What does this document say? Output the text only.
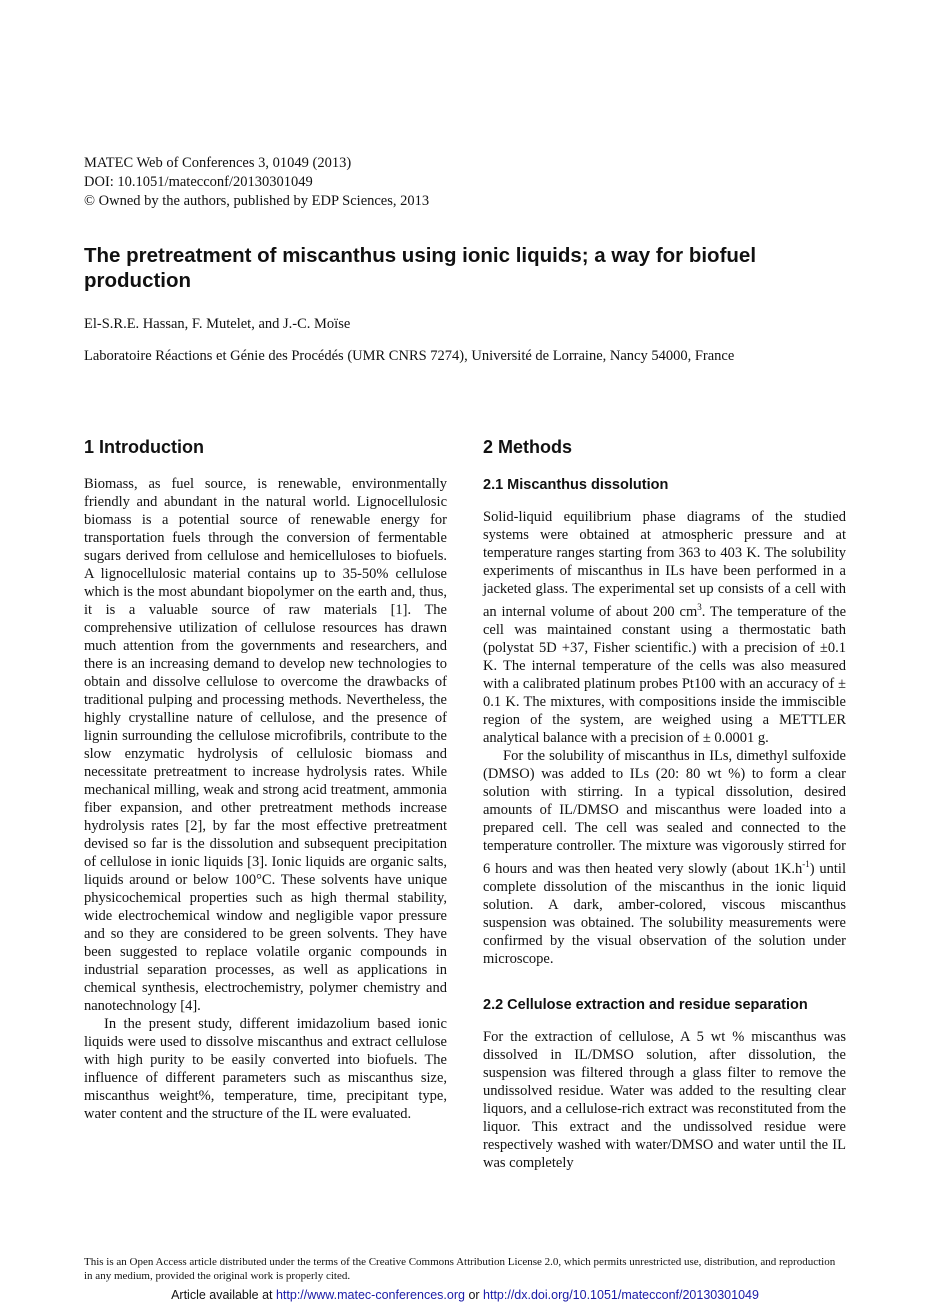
MATEC Web of Conferences 3, 01049 (2013)
DOI: 10.1051/matecconf/20130301049
© Owned by the authors, published by EDP Sciences, 2013
The pretreatment of miscanthus using ionic liquids; a way for biofuel production
El-S.R.E. Hassan, F. Mutelet, and J.-C. Moïse
Laboratoire Réactions et Génie des Procédés (UMR CNRS 7274), Université de Lorraine, Nancy 54000, France
1 Introduction

Biomass, as fuel source, is renewable, environmentally friendly and abundant in the natural world. Lignocellulosic biomass is a potential source of renewable energy for transportation fuels through the conversion of fermentable sugars derived from cellulose and hemicelluloses to biofuels. A lignocellulosic material contains up to 35-50% cellulose which is the most abundant biopolymer on the earth and, thus, it is a valuable source of raw materials [1]. The comprehensive utilization of cellulose resources has drawn much attention from the governments and researchers, and there is an increasing demand to develop new technologies to obtain and dissolve cellulose to overcome the drawbacks of traditional pulping and processing methods. Nevertheless, the highly crystalline nature of cellulose, and the presence of lignin surrounding the cellulose microfibrils, contribute to the slow enzymatic hydrolysis of cellulosic biomass and necessitate pretreatment to increase hydrolysis rates. While mechanical milling, weak and strong acid treatment, ammonia fiber expansion, and other pretreatment methods increase hydrolysis rates [2], by far the most effective pretreatment devised so far is the dissolution and subsequent precipitation of cellulose in ionic liquids [3]. Ionic liquids are organic salts, liquids around or below 100°C. These solvents have unique physicochemical properties such as high thermal stability, wide electrochemical window and negligible vapor pressure and so they are considered to be green solvents. They have been suggested to replace volatile organic compounds in industrial separation processes, as well as applications in chemical synthesis, electrochemistry, polymer chemistry and nanotechnology [4].

In the present study, different imidazolium based ionic liquids were used to dissolve miscanthus and extract cellulose with high purity to be easily converted into biofuels. The influence of different parameters such as miscanthus size, miscanthus weight%, temperature, time, precipitant type, water content and the structure of the IL were evaluated.

2 Methods
2.1 Miscanthus dissolution

Solid-liquid equilibrium phase diagrams of the studied systems were obtained at atmospheric pressure and at temperature ranges starting from 363 to 403 K. The solubility experiments of miscanthus in ILs have been performed in a jacketed glass. The experimental set up consists of a cell with an internal volume of about 200 $cm^3$. The temperature of the cell was maintained constant using a thermostatic bath (polystat 5D +37, Fisher scientific.) with a precision of ±0.1 K. The internal temperature of the cells was also measured with a calibrated platinum probes Pt100 with an accuracy of ± 0.1 K. The mixtures, with compositions inside the immiscible region of the system, are weighed using a METTLER analytical balance with a precision of ± 0.0001 g.

For the solubility of miscanthus in ILs, dimethyl sulfoxide (DMSO) was added to ILs (20: 80 wt %) to form a clear solution with stirring. In a typical dissolution, desired amounts of IL/DMSO and miscanthus were loaded into a prepared cell. The cell was sealed and connected to the temperature controller. The mixture was vigorously stirred for 6 hours and was then heated very slowly (about $1K.h^{-1}$) until complete dissolution of the miscanthus in the ionic liquid solution. A dark, amber-colored, viscous miscanthus suspension was obtained. The solubility measurements were confirmed by the visual observation of the solution under microscope.

2.2 Cellulose extraction and residue separation

For the extraction of cellulose, A 5 wt % miscanthus was dissolved in IL/DMSO solution, after dissolution, the suspension was filtered through a glass filter to remove the undissolved residue. Water was added to the resulting clear liquors, and a cellulose-rich extract was reconstituted from the liquor. This extract and the undissolved residue were respectively washed with water/DMSO and water until the IL was completely

This is an Open Access article distributed under the terms of the Creative Commons Attribution License 2.0, which permits unrestricted use, distribution, and reproduction in any medium, provided the original work is properly cited.
Article available at http://www.matec-conferences.org or http://dx.doi.org/10.1051/matecconf/20130301049
